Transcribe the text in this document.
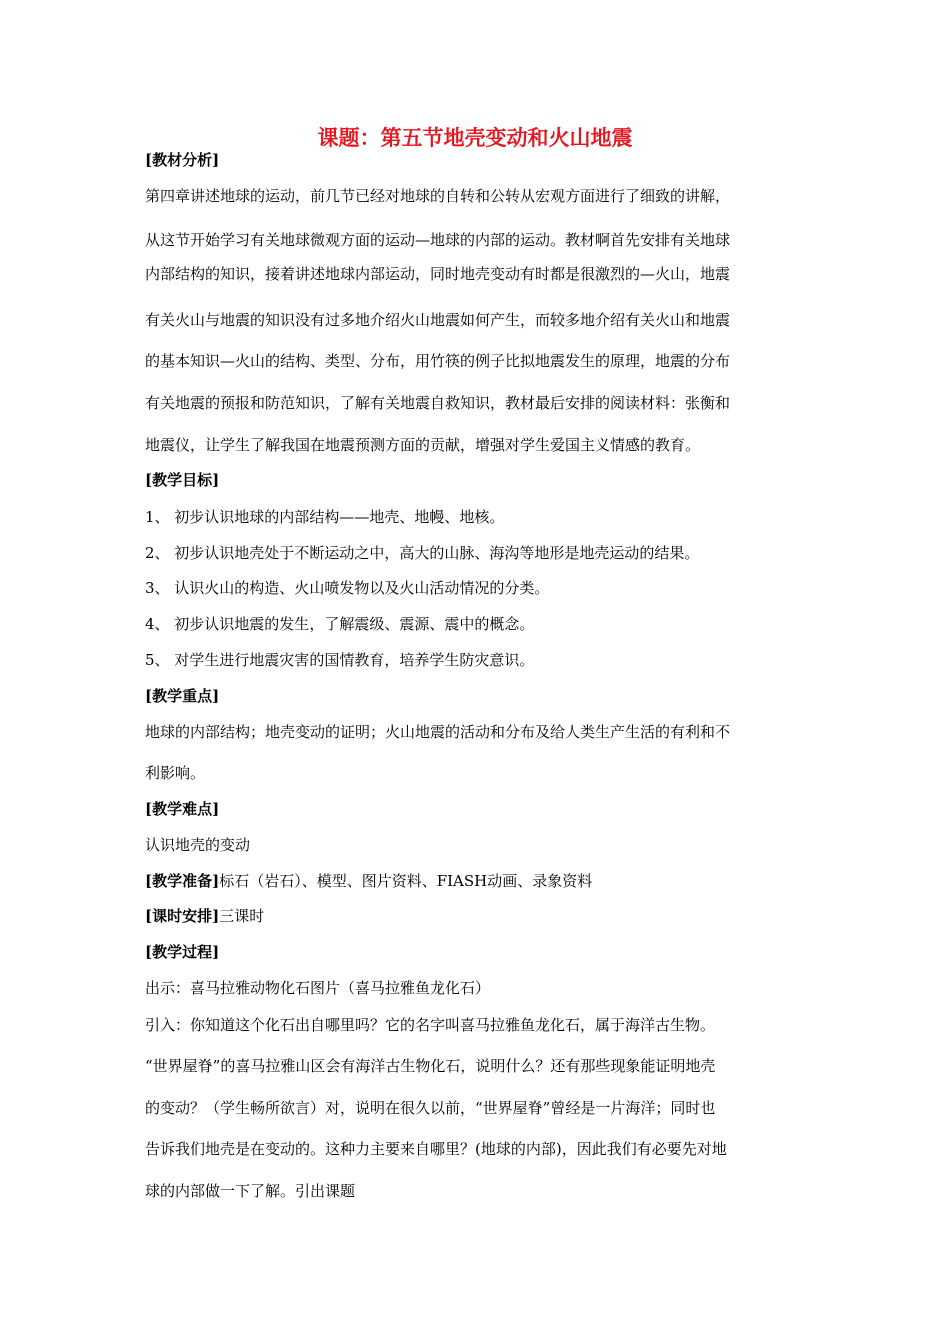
课题：第五节地壳变动和火山地震
[教材分析]
第四章讲述地球的运动，前几节已经对地球的自转和公转从宏观方面进行了细致的讲解，
从这节开始学习有关地球微观方面的运动—地球的内部的运动。教材啊首先安排有关地球
内部结构的知识，接着讲述地球内部运动，同时地壳变动有时都是很激烈的—火山，地震
有关火山与地震的知识没有过多地介绍火山地震如何产生，而较多地介绍有关火山和地震
的基本知识—火山的结构、类型、分布，用竹筷的例子比拟地震发生的原理，地震的分布
有关地震的预报和防范知识，了解有关地震自救知识，教材最后安排的阅读材料：张衡和
地震仪，让学生了解我国在地震预测方面的贡献，增强对学生爱国主义情感的教育。
[教学目标]
1、 初步认识地球的内部结构——地壳、地幔、地核。
2、 初步认识地壳处于不断运动之中，高大的山脉、海沟等地形是地壳运动的结果。
3、 认识火山的构造、火山喷发物以及火山活动情况的分类。
4、 初步认识地震的发生，了解震级、震源、震中的概念。
5、 对学生进行地震灾害的国情教育，培养学生防灾意识。
[教学重点]
地球的内部结构；地壳变动的证明；火山地震的活动和分布及给人类生产生活的有利和不
利影响。
[教学难点]
认识地壳的变动
[教学准备]标石（岩石）、模型、图片资料、FIASH动画、录象资料
[课时安排]三课时
[教学过程]
出示：喜马拉雅动物化石图片（喜马拉雅鱼龙化石）
引入：你知道这个化石出自哪里吗？它的名字叫喜马拉雅鱼龙化石，属于海洋古生物。
“世界屋脊”的喜马拉雅山区会有海洋古生物化石，说明什么？还有那些现象能证明地壳
的变动？（学生畅所欲言）对，说明在很久以前，“世界屋脊”曾经是一片海洋；同时也
告诉我们地壳是在变动的。这种力主要来自哪里？(地球的内部)，因此我们有必要先对地
球的内部做一下了解。引出课题
